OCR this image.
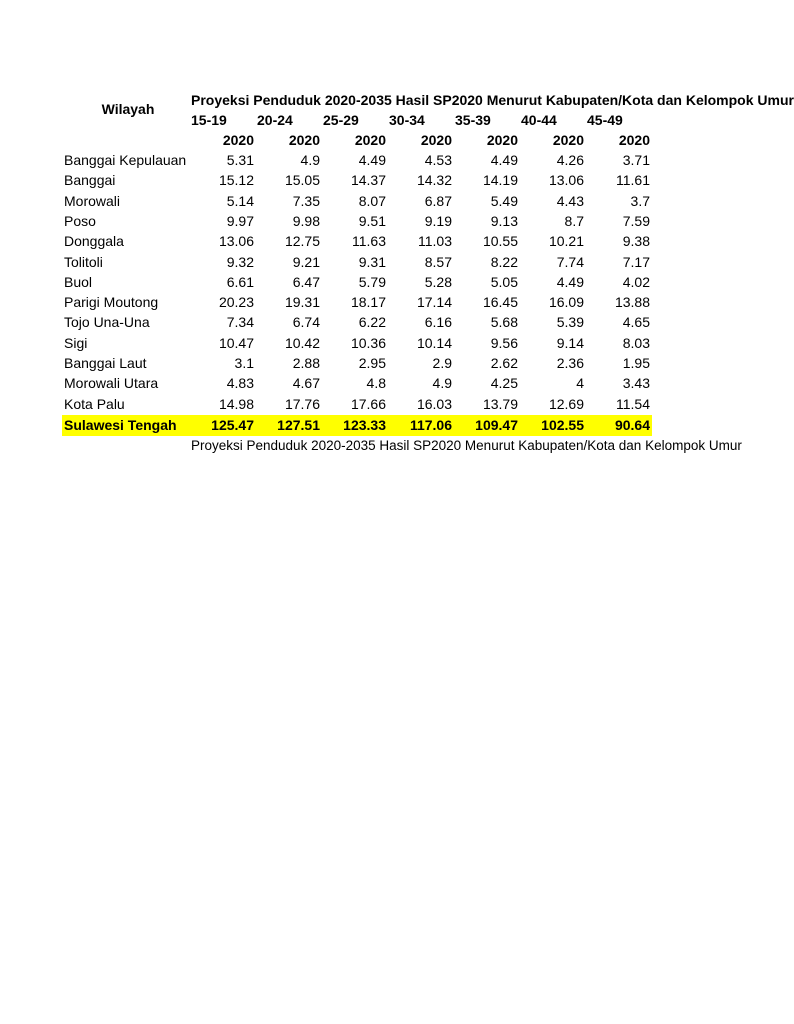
Wilayah
Proyeksi Penduduk 2020-2035 Hasil SP2020 Menurut Kabupaten/Kota dan Kelompok Umur
15-19 20-24 25-29 30-34 35-39 40-44 45-49
2020	2020	2020	2020	2020	2020	2020
Banggai Kepulauan	5.31	4.9	4.49	4.53	4.49	4.26	3.71
Banggai	15.12	15.05	14.37	14.32	14.19	13.06	11.61
Morowali	5.14	7.35	8.07	6.87	5.49	4.43	3.7
Poso	9.97	9.98	9.51	9.19	9.13	8.7	7.59
Donggala	13.06	12.75	11.63	11.03	10.55	10.21	9.38
Tolitoli	9.32	9.21	9.31	8.57	8.22	7.74	7.17
Buol	6.61	6.47	5.79	5.28	5.05	4.49	4.02
Parigi Moutong	20.23	19.31	18.17	17.14	16.45	16.09	13.88
Tojo Una-Una	7.34	6.74	6.22	6.16	5.68	5.39	4.65
Sigi	10.47	10.42	10.36	10.14	9.56	9.14	8.03
Banggai Laut	3.1	2.88	2.95	2.9	2.62	2.36	1.95
Morowali Utara	4.83	4.67	4.8	4.9	4.25	4	3.43
Kota Palu	14.98	17.76	17.66	16.03	13.79	12.69	11.54
Sulawesi Tengah	125.47	127.51	123.33	117.06	109.47	102.55	90.64
Proyeksi Penduduk 2020-2035 Hasil SP2020 Menurut Kabupaten/Kota dan Kelompok Umur
